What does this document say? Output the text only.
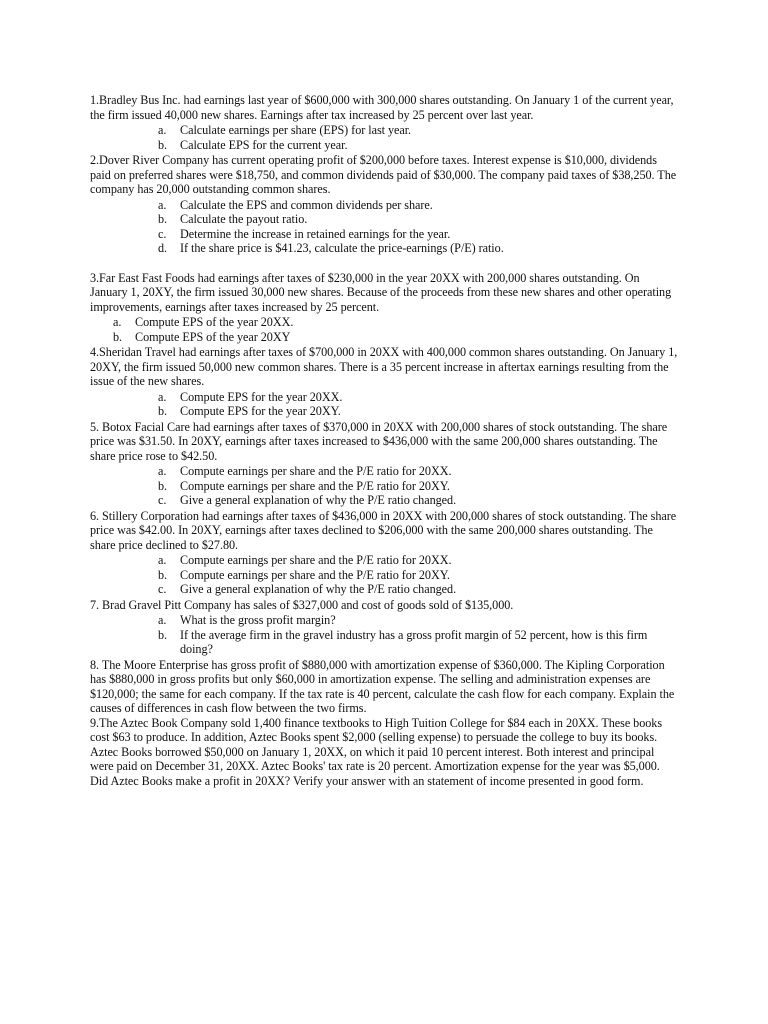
1.Bradley Bus Inc. had earnings last year of $600,000 with 300,000 shares outstanding. On January 1 of the current year, the firm issued 40,000 new shares. Earnings after tax increased by 25 percent over last year.

a. Calculate earnings per share (EPS) for last year.
b. Calculate EPS for the current year.

2.Dover River Company has current operating profit of $200,000 before taxes. Interest expense is $10,000, dividends paid on preferred shares were $18,750, and common dividends paid of $30,000. The company paid taxes of $38,250. The company has 20,000 outstanding common shares.

a. Calculate the EPS and common dividends per share.
b. Calculate the payout ratio.
c. Determine the increase in retained earnings for the year.
d. If the share price is $41.23, calculate the price-earnings (P/E) ratio.

3.Far East Fast Foods had earnings after taxes of $230,000 in the year 20XX with 200,000 shares outstanding. On January 1, 20XY, the firm issued 30,000 new shares. Because of the proceeds from these new shares and other operating improvements, earnings after taxes increased by 25 percent.

a. Compute EPS of the year 20XX.
b. Compute EPS of the year 20XY

4.Sheridan Travel had earnings after taxes of $700,000 in 20XX with 400,000 common shares outstanding. On January 1, 20XY, the firm issued 50,000 new common shares. There is a 35 percent increase in aftertax earnings resulting from the issue of the new shares.

a. Compute EPS for the year 20XX.
b. Compute EPS for the year 20XY.

5. Botox Facial Care had earnings after taxes of $370,000 in 20XX with 200,000 shares of stock outstanding. The share price was $31.50. In 20XY, earnings after taxes increased to $436,000 with the same 200,000 shares outstanding. The share price rose to $42.50.

a. Compute earnings per share and the P/E ratio for 20XX.
b. Compute earnings per share and the P/E ratio for 20XY.
c. Give a general explanation of why the P/E ratio changed.

6. Stillery Corporation had earnings after taxes of $436,000 in 20XX with 200,000 shares of stock outstanding. The share price was $42.00. In 20XY, earnings after taxes declined to $206,000 with the same 200,000 shares outstanding. The share price declined to $27.80.

a. Compute earnings per share and the P/E ratio for 20XX.
b. Compute earnings per share and the P/E ratio for 20XY.
c. Give a general explanation of why the P/E ratio changed.

7. Brad Gravel Pitt Company has sales of $327,000 and cost of goods sold of $135,000.

a. What is the gross profit margin?
b. If the average firm in the gravel industry has a gross profit margin of 52 percent, how is this firm doing?

8. The Moore Enterprise has gross profit of $880,000 with amortization expense of $360,000. The Kipling Corporation has $880,000 in gross profits but only $60,000 in amortization expense. The selling and administration expenses are $120,000; the same for each company. If the tax rate is 40 percent, calculate the cash flow for each company. Explain the causes of differences in cash flow between the two firms.

9.The Aztec Book Company sold 1,400 finance textbooks to High Tuition College for $84 each in 20XX. These books cost $63 to produce. In addition, Aztec Books spent $2,000 (selling expense) to persuade the college to buy its books. Aztec Books borrowed $50,000 on January 1, 20XX, on which it paid 10 percent interest. Both interest and principal were paid on December 31, 20XX. Aztec Books' tax rate is 20 percent. Amortization expense for the year was $5,000. Did Aztec Books make a profit in 20XX? Verify your answer with an statement of income presented in good form.
